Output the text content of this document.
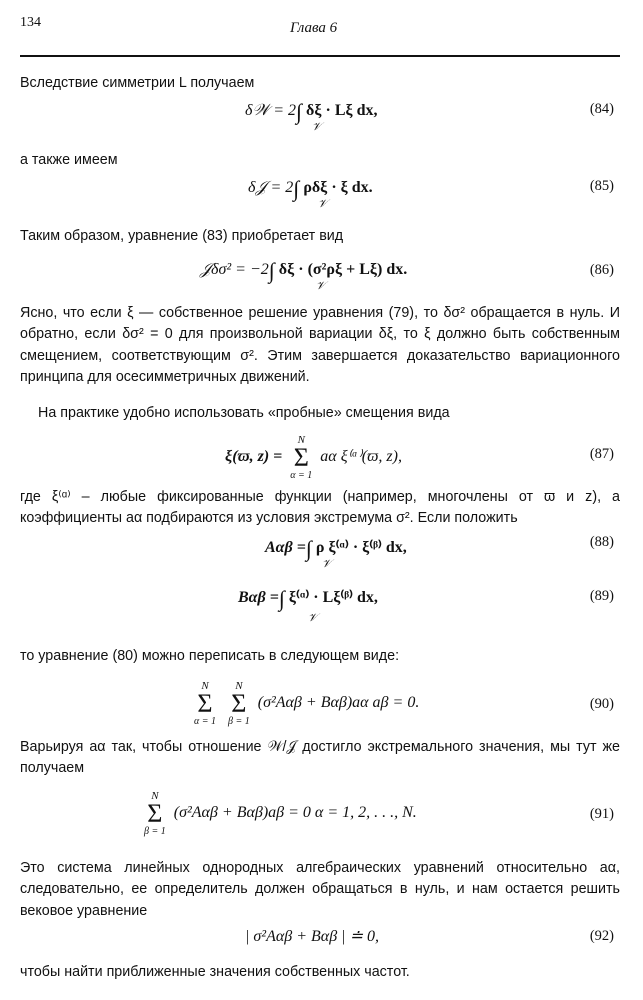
134	Глава 6
Вследствие симметрии L получаем
δ𝒲 = 2∫ δξ · Lξ dx,
𝒱
(84)
а также имеем
δ𝒥 = 2∫ ρδξ · ξ dx.
𝒱
(85)
Таким образом, уравнение (83) приобретает вид
𝒥δσ² = −2∫ δξ · (σ²ρξ + Lξ) dx.
𝒱
(86)
Ясно, что если ξ — собственное решение уравнения (79), то δσ² обращается в нуль. И обратно, если δσ² = 0 для произвольной вариации δξ, то ξ должно быть собственным смещением, соответствующим σ². Этим завершается доказательство вариационного принципа для осесимметричных движений.
На практике удобно использовать «пробные» смещения вида
ξ(ϖ, z) =
N
Σ
α = 1
aα ξ⁽ᵅ⁾(ϖ, z),	(87)
где ξ⁽ᵅ⁾ – любые фиксированные функции (например, многочлены от ϖ и z), а коэффициенты aα подбираются из условия экстремума σ². Если положить
Aαβ =∫ ρ ξ⁽ᵅ⁾ · ξ⁽ᵝ⁾ dx,
𝒱
(88)
Bαβ =∫ ξ⁽ᵅ⁾ · Lξ⁽ᵝ⁾ dx,
𝒱
(89)
то уравнение (80) можно переписать в следующем виде:
N
Σ
α = 1

N
Σ
β = 1
(σ²Aαβ + Bαβ)aα aβ = 0.	(90)
Варьируя aα так, чтобы отношение 𝒲/𝒥 достигло экстремального значения, мы тут же получаем
N
Σ
β = 1
(σ²Aαβ + Bαβ)aβ = 0 α = 1, 2, . . ., N.	(91)
Это система линейных однородных алгебраических уравнений относительно aα, следовательно, ее определитель должен обращаться в нуль, и нам остается решить вековое уравнение
| σ²Aαβ + Bαβ | ≐ 0,	(92)
чтобы найти приближенные значения собственных частот.
